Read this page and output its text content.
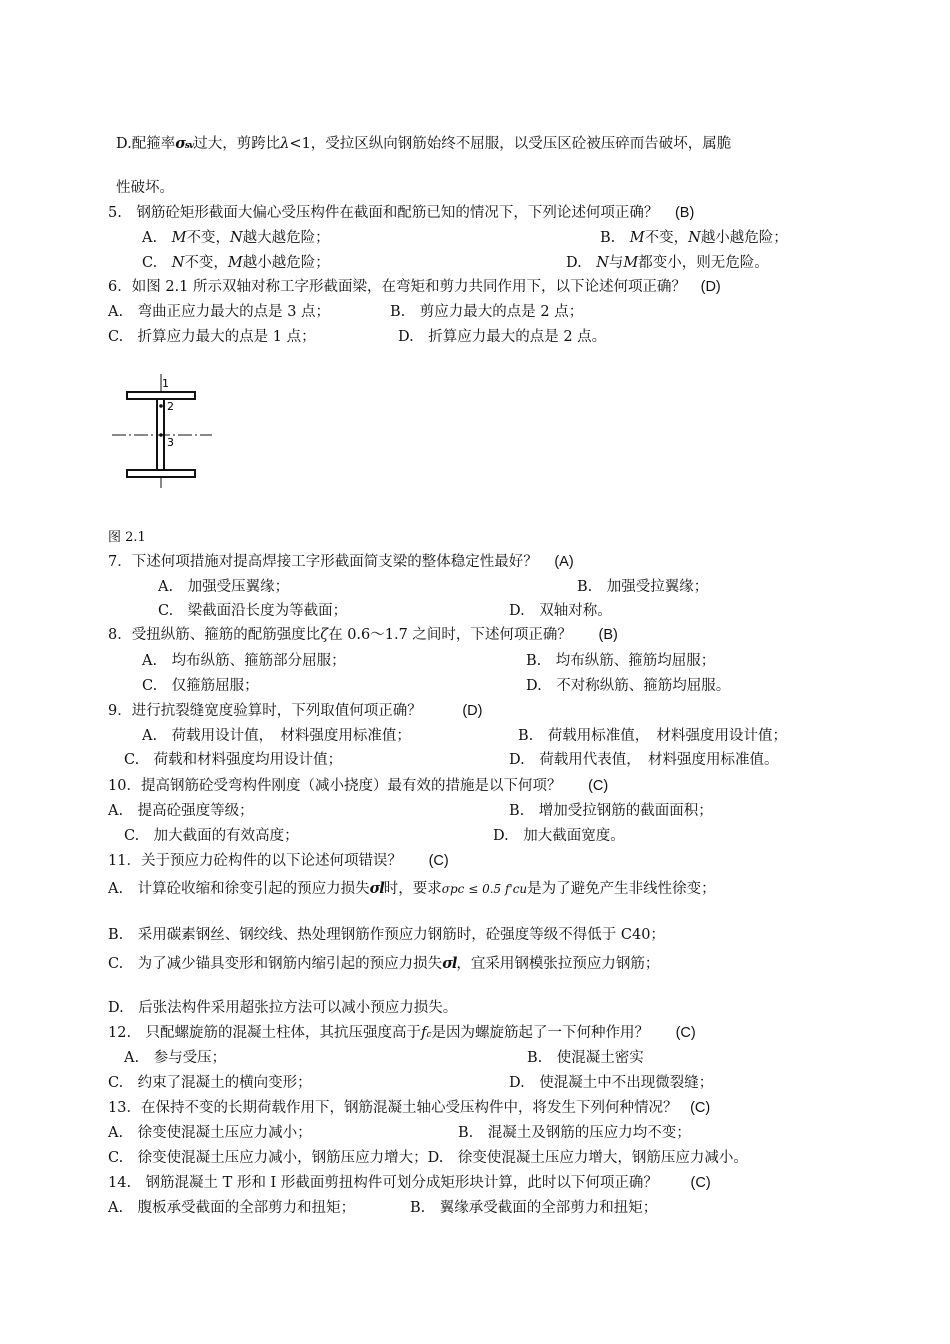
D.配箍率σsv过大，剪跨比λ<1，受拉区纵向钢筋始终不屈服，以受压区砼被压碎而告破坏，属脆
性破坏。
5.　钢筋砼矩形截面大偏心受压构件在截面和配筋已知的情况下，下列论述何项正确？ (B)
A.　 M不变，N越大越危险；	B.　 M不变，N越小越危险；
C.　 N不变，M越小越危险；	D.　 N与M都变小，则无危险。
6．如图 2.1 所示双轴对称工字形截面梁，在弯矩和剪力共同作用下，以下论述何项正确？ (D)
A.　弯曲正应力最大的点是 3 点；	B.　剪应力最大的点是 2 点；
C.　折算应力最大的点是 1 点；	D.　折算应力最大的点是 2 点。
1
2
3
图 2.1
7．下述何项措施对提高焊接工字形截面简支梁的整体稳定性最好？ (A)
A.　加强受压翼缘；	B.　加强受拉翼缘；
C.　梁截面沿长度为等截面；	D.　双轴对称。
8．受扭纵筋、箍筋的配筋强度比ζ在 0.6～1.7 之间时，下述何项正确？ (B)
A.　均布纵筋、箍筋部分屈服；	B.　均布纵筋、箍筋均屈服；
C.　仅箍筋屈服；	D.　不对称纵筋、箍筋均屈服。
9．进行抗裂缝宽度验算时，下列取值何项正确？	(D)
A.　荷载用设计值，　材料强度用标准值；	B.　荷载用标准值，　材料强度用设计值；
C.　荷载和材料强度均用设计值；	D.　荷载用代表值，　材料强度用标准值。
10．提高钢筋砼受弯构件刚度（减小挠度）最有效的措施是以下何项？ (C)
A.　提高砼强度等级；	B.　增加受拉钢筋的截面面积；
C.　加大截面的有效高度；	D.　加大截面宽度。
11．关于预应力砼构件的以下论述何项错误？ (C)
A.　计算砼收缩和徐变引起的预应力损失σl时，要求σpc ≤ 0.5 f'cu是为了避免产生非线性徐变；
B.　采用碳素钢丝、钢绞线、热处理钢筋作预应力钢筋时，砼强度等级不得低于 C40；
C.　为了减少锚具变形和钢筋内缩引起的预应力损失σl，宜采用钢模张拉预应力钢筋；
D.　后张法构件采用超张拉方法可以减小预应力损失。
12.　只配螺旋筋的混凝土柱体，其抗压强度高于fc是因为螺旋筋起了一下何种作用？ (C)
A.　参与受压；	B.　使混凝土密实
C.　约束了混凝土的横向变形；	D.　使混凝土中不出现微裂缝；
13．在保持不变的长期荷载作用下，钢筋混凝土轴心受压构件中，将发生下列何种情况？ (C)
A.　徐变使混凝土压应力减小；	B.　混凝土及钢筋的压应力均不变；
C.　徐变使混凝土压应力减小，钢筋压应力增大；D.　徐变使混凝土压应力增大，钢筋压应力减小。
14.　钢筋混凝土 T 形和 I 形截面剪扭构件可划分成矩形块计算，此时以下何项正确？ (C)
A.　腹板承受截面的全部剪力和扭矩；	B.　翼缘承受截面的全部剪力和扭矩；
